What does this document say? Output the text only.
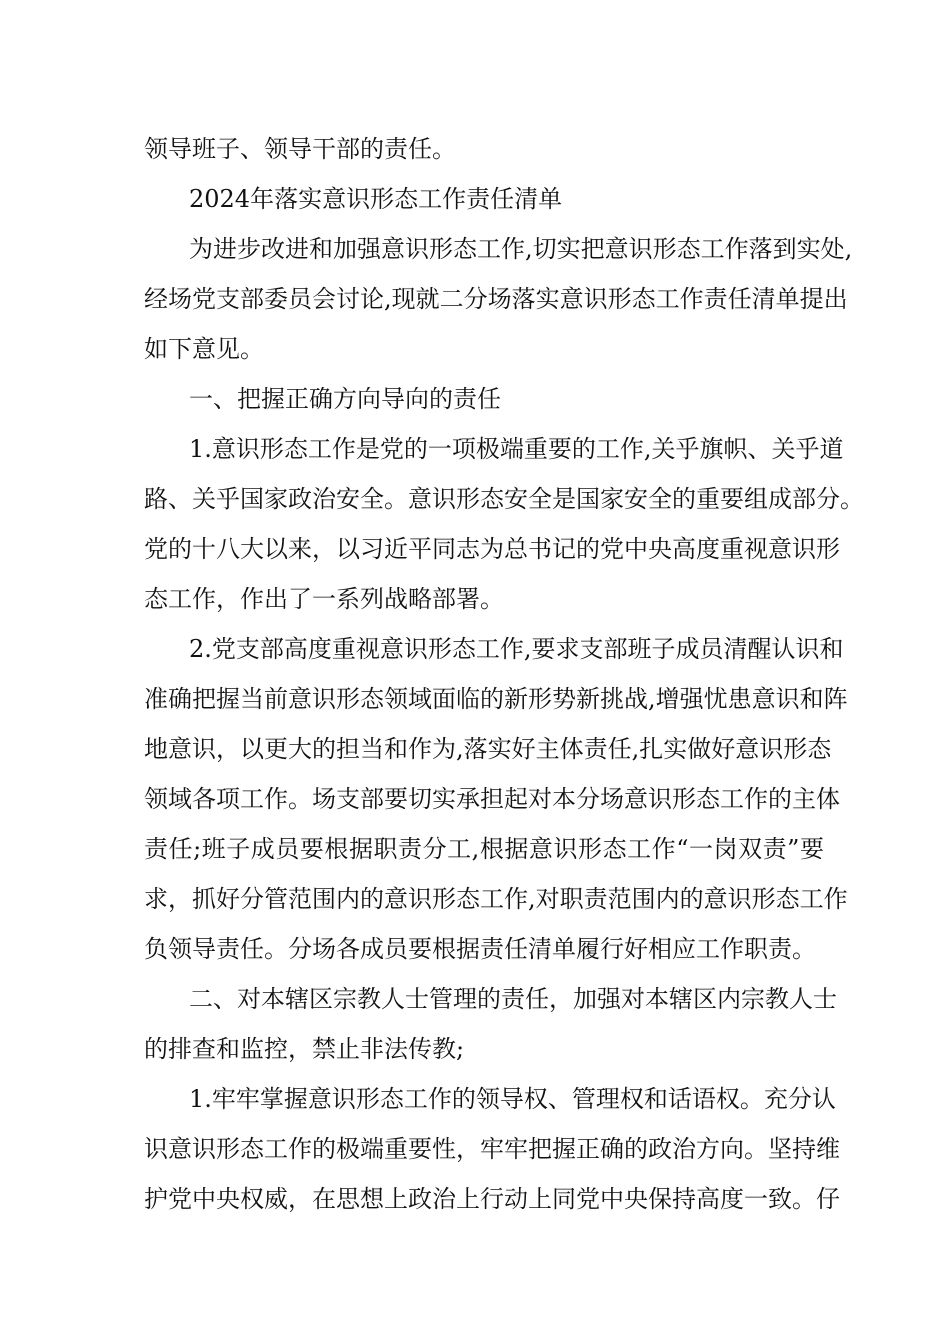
领导班子、领导干部的责任。
2024年落实意识形态工作责任清单
为进步改进和加强意识形态工作,切实把意识形态工作落到实处,
经场党支部委员会讨论,现就二分场落实意识形态工作责任清单提出
如下意见。
一、把握正确方向导向的责任
1.意识形态工作是党的一项极端重要的工作,关乎旗帜、关乎道
路、关乎国家政治安全。意识形态安全是国家安全的重要组成部分。
党的十八大以来，以习近平同志为总书记的党中央高度重视意识形
态工作，作出了一系列战略部署。
2.党支部高度重视意识形态工作,要求支部班子成员清醒认识和
准确把握当前意识形态领域面临的新形势新挑战,增强忧患意识和阵
地意识，以更大的担当和作为,落实好主体责任,扎实做好意识形态
领域各项工作。场支部要切实承担起对本分场意识形态工作的主体
责任;班子成员要根据职责分工,根据意识形态工作“一岗双责”要
求，抓好分管范围内的意识形态工作,对职责范围内的意识形态工作
负领导责任。分场各成员要根据责任清单履行好相应工作职责。
二、对本辖区宗教人士管理的责任，加强对本辖区内宗教人士
的排查和监控，禁止非法传教;
1.牢牢掌握意识形态工作的领导权、管理权和话语权。充分认
识意识形态工作的极端重要性，牢牢把握正确的政治方向。坚持维
护党中央权威，在思想上政治上行动上同党中央保持高度一致。仔
